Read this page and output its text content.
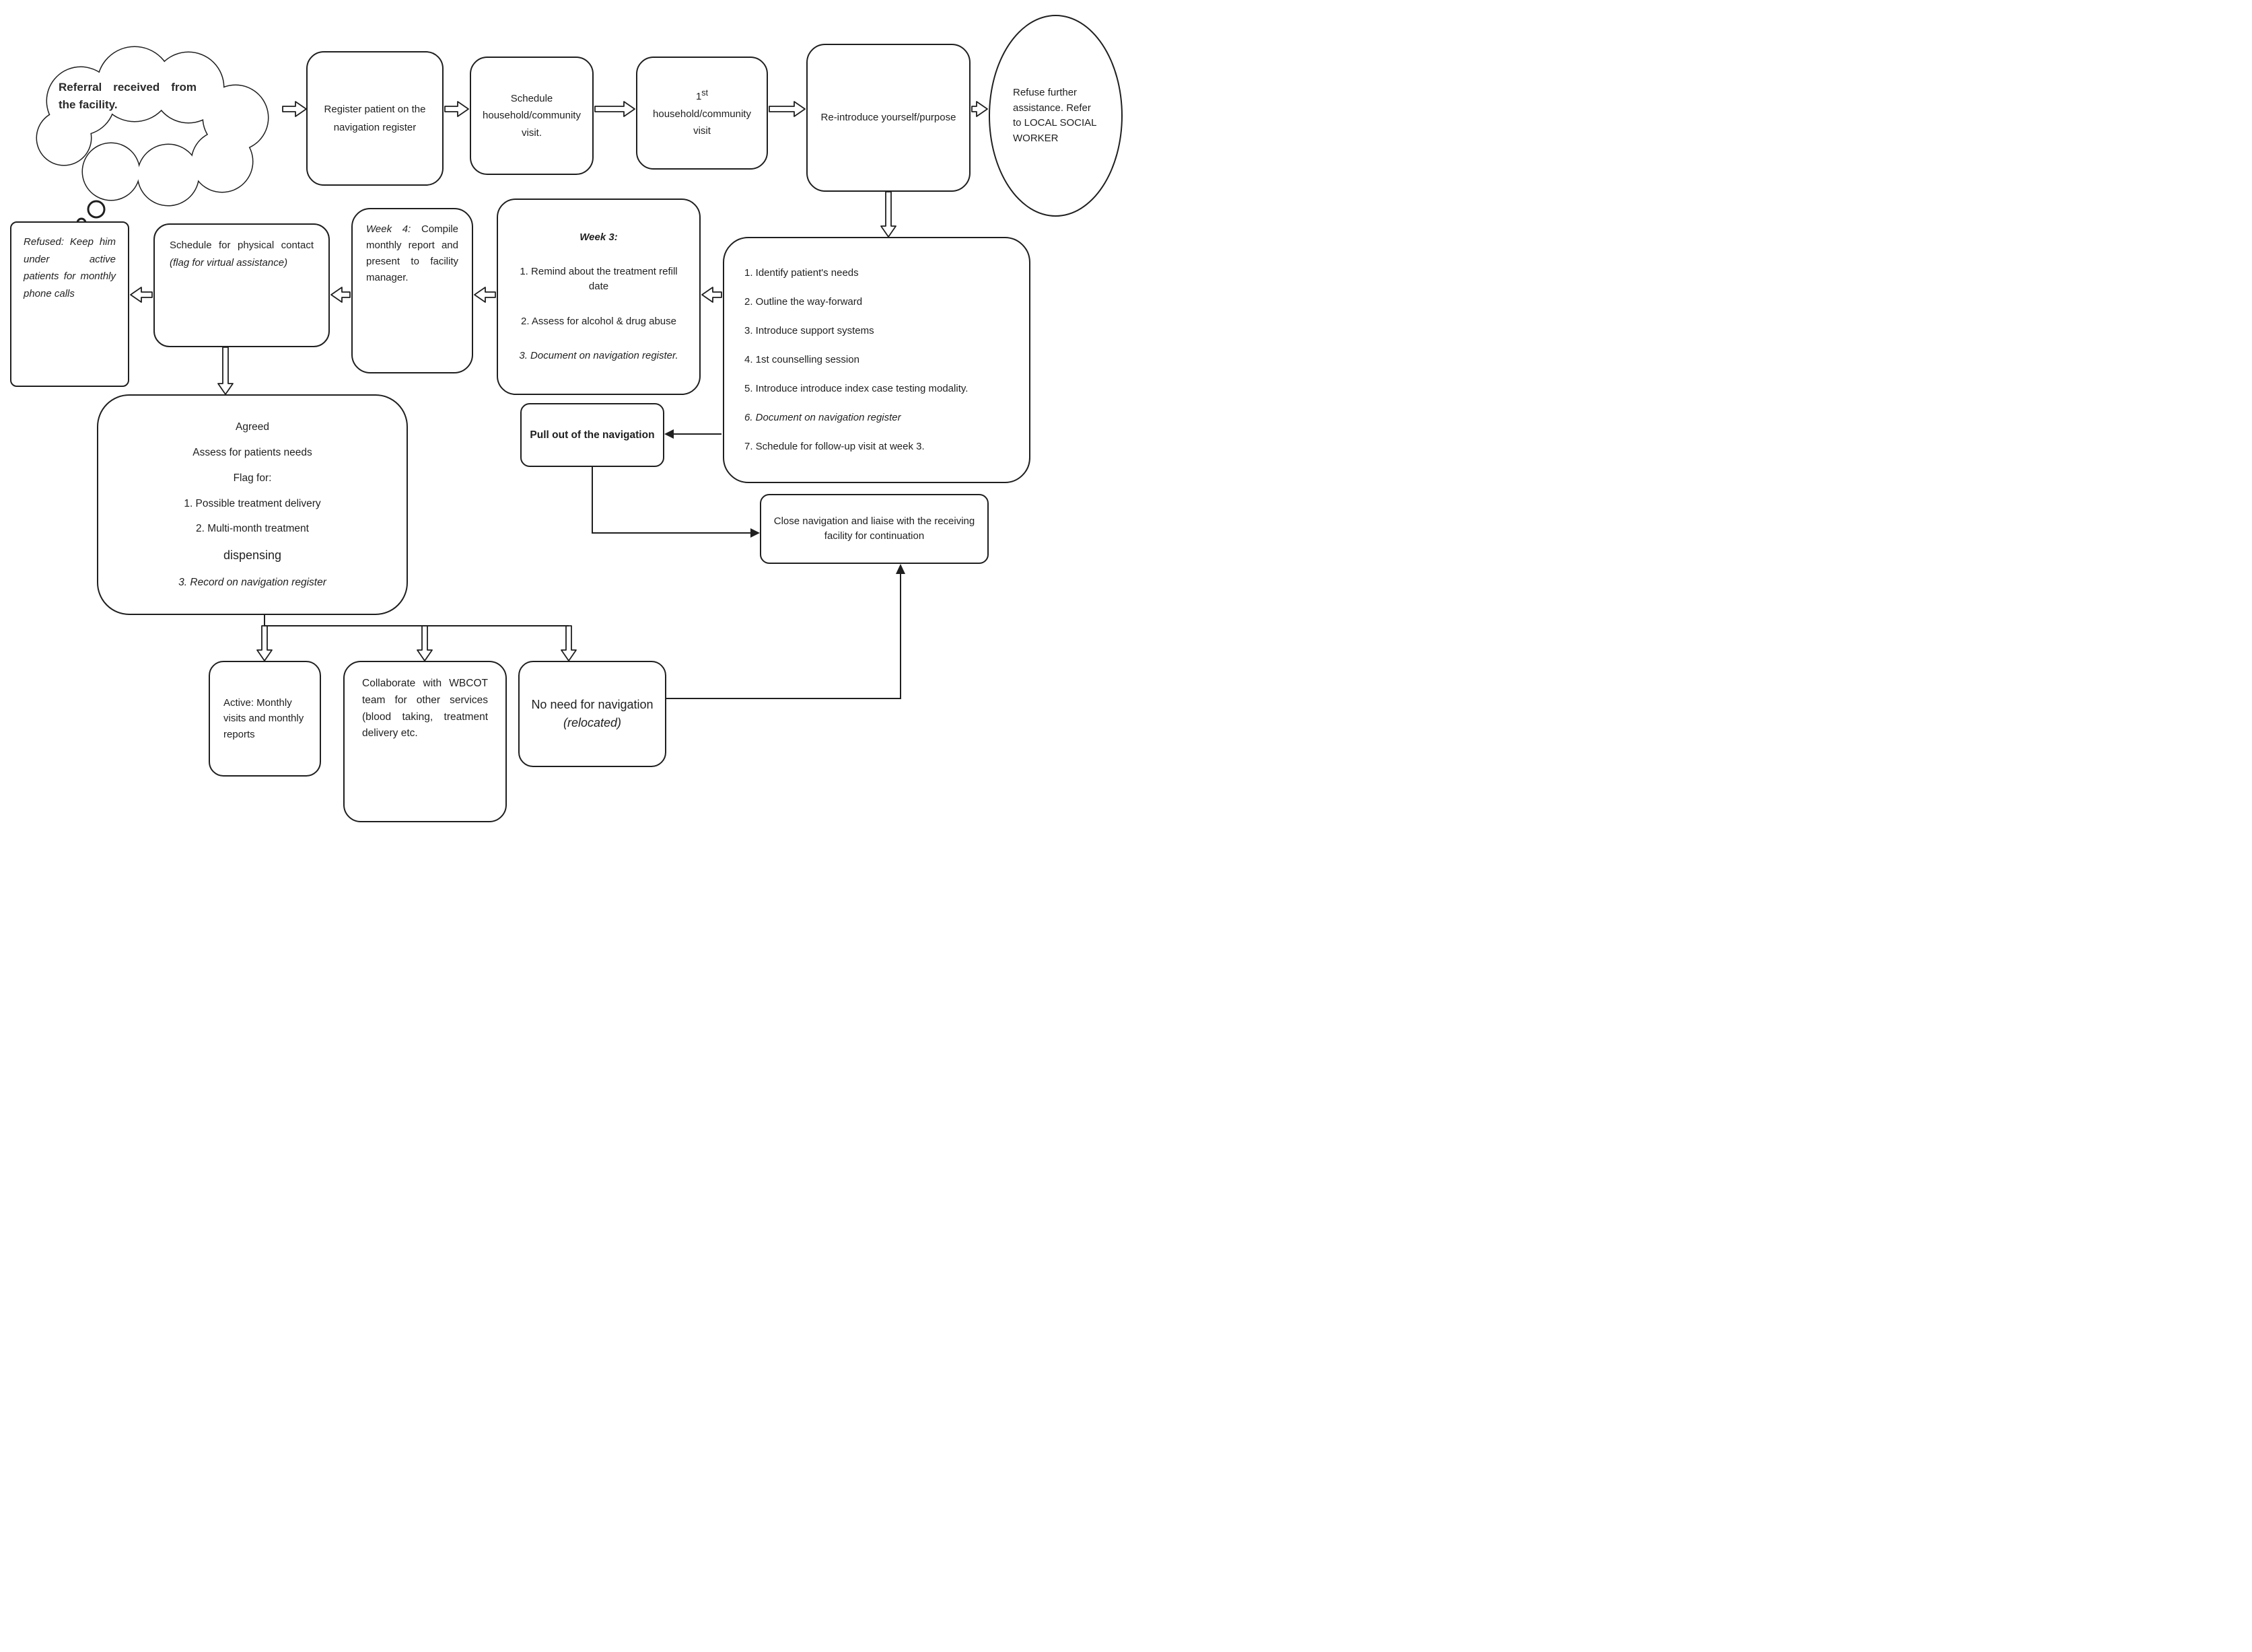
Referral received from the facility.	Register patient on the navigation register
Schedule household/community visit.
1st
household/community visit
Re-introduce yourself/purpose
Refuse further assistance. Refer to LOCAL SOCIAL WORKER
1. Identify patient's needs
2. Outline the way-forward
3. Introduce support systems
4. 1st counselling session
5. Introduce introduce index case testing modality.
6. Document on navigation register
7. Schedule for follow-up visit at week 3.
Week 3:
1. Remind about the treatment refill date
2. Assess for alcohol & drug abuse
3. Document on navigation register.
Week 4: Compile monthly report and present to facility manager.
Schedule for physical contact (flag for virtual assistance)
Refused: Keep him under active patients for monthly phone calls
Pull out of the navigation
Close navigation and liaise with the receiving facility for continuation
Agreed
Assess for patients needs
Flag for:
1. Possible treatment delivery
2. Multi-month treatment
dispensing
3. Record on navigation register
Active: Monthly visits and monthly reports
Collaborate with WBCOT team for other services (blood taking, treatment delivery etc.
No need for navigation
(relocated)
